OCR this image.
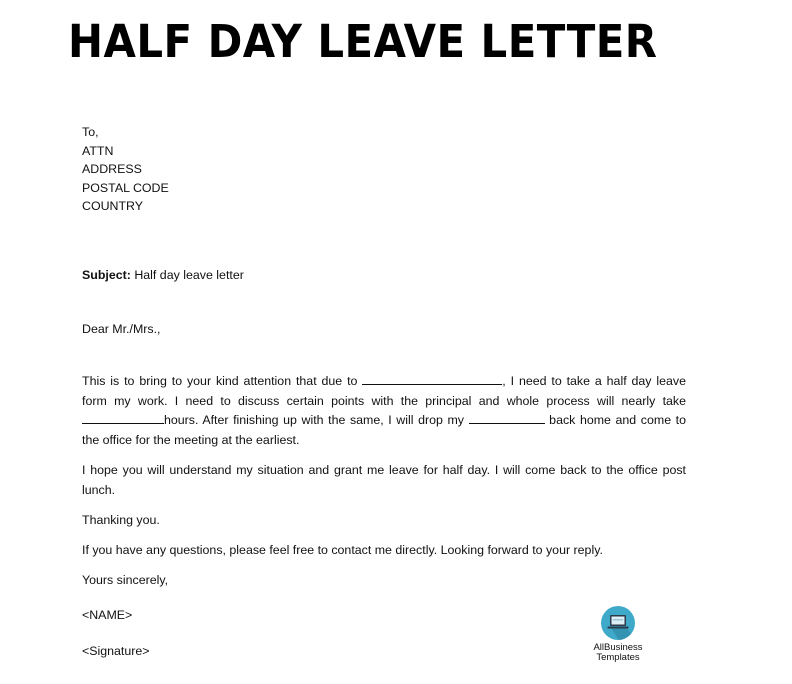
HALF DAY LEAVE LETTER
To,
ATTN
ADDRESS
POSTAL CODE
COUNTRY
Subject: Half day leave letter
Dear Mr./Mrs.,
This is to bring to your kind attention that due to	, I need to take a half day leave form my work. I need to discuss certain points with the principal and whole process will nearly take hours. After finishing up with the same, I will drop my	back home and come to the office for the meeting at the earliest.
I hope you will understand my situation and grant me leave for half day. I will come back to the office post lunch.
Thanking you.
If you have any questions, please feel free to contact me directly. Looking forward to your reply.
Yours sincerely,
<NAME>
<Signature>	AllBusiness
Templates
